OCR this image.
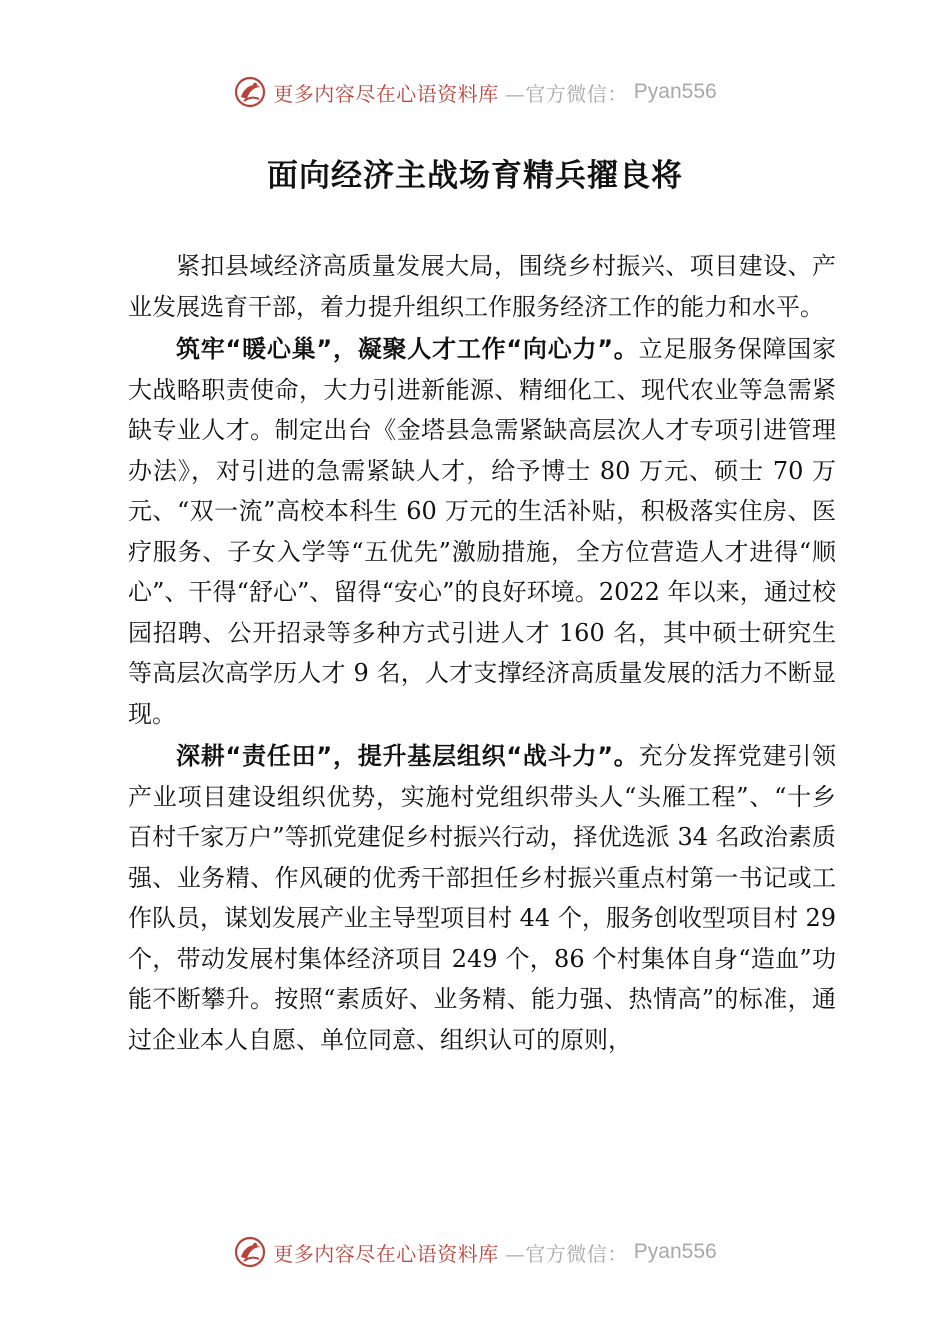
更多内容尽在心语资料库 —官方微信： Pyan556
面向经济主战场育精兵擢良将

紧扣县域经济高质量发展大局，围绕乡村振兴、项目建设、产业发展选育干部，着力提升组织工作服务经济工作的能力和水平。

筑牢“暖心巢”，凝聚人才工作“向心力”。立足服务保障国家大战略职责使命，大力引进新能源、精细化工、现代农业等急需紧缺专业人才。制定出台《金塔县急需紧缺高层次人才专项引进管理办法》，对引进的急需紧缺人才，给予博士 80 万元、硕士 70 万元、“双一流”高校本科生 60 万元的生活补贴，积极落实住房、医疗服务、子女入学等“五优先”激励措施，全方位营造人才进得“顺心”、干得“舒心”、留得“安心”的良好环境。2022 年以来，通过校园招聘、公开招录等多种方式引进人才 160 名，其中硕士研究生等高层次高学历人才 9 名，人才支撑经济高质量发展的活力不断显现。

深耕“责任田”，提升基层组织“战斗力”。充分发挥党建引领产业项目建设组织优势，实施村党组织带头人“头雁工程”、“十乡百村千家万户”等抓党建促乡村振兴行动，择优选派 34 名政治素质强、业务精、作风硬的优秀干部担任乡村振兴重点村第一书记或工作队员，谋划发展产业主导型项目村 44 个，服务创收型项目村 29 个，带动发展村集体经济项目 249 个，86 个村集体自身“造血”功能不断攀升。按照“素质好、业务精、能力强、热情高”的标准，通过企业本人自愿、单位同意、组织认可的原则，

更多内容尽在心语资料库 —官方微信： Pyan556
